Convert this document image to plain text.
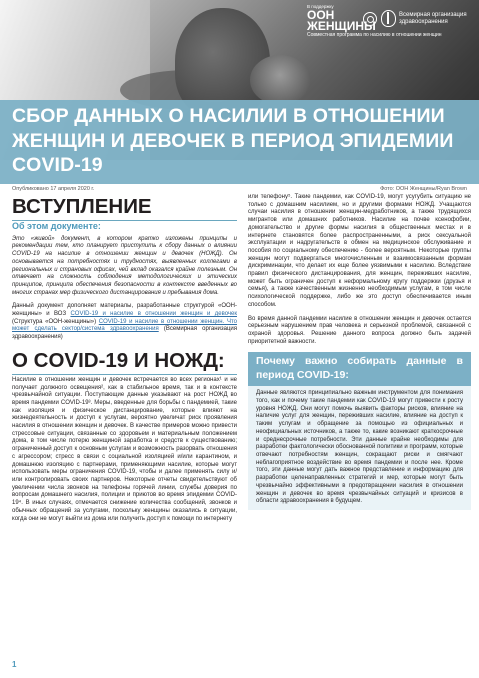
В поддержку
ООН
ЖЕНЩИНЫ
Всемирная организация здравоохранения
Совместная программа по насилию в отношении женщин
СБОР ДАННЫХ О НАСИЛИИ В ОТНОШЕНИИ ЖЕНЩИН И ДЕВОЧЕК В ПЕРИОД ЭПИДЕМИИ COVID-19
Опубликовано 17 апреля 2020 г.	Фото: ООН Женщины/Ryan Brown
ВСТУПЛЕНИЕ
Об этом документе:

Это «живой» документ, в котором кратко изложены принципы и рекомендации тем, кто планирует приступить к сбору данных о влиянии COVID-19 на насилие в отношении женщин и девочек (НОЖД). Он основывается на потребностях и трудностях, выявленных коллегами в региональных и страновых офисах, чей вклад оказался крайне полезным. Он отвечает на сложность соблюдения методологических и этических принципов, принципа обеспечения безопасности в контексте введенных во многих странах мер физического дистанцирования и пребывания дома.

Данный документ дополняет материалы, разработанные структурой «ООН-женщины» и ВОЗ COVID-19 и насилие в отношении женщин и девочек (Структура «ООН-женщины») COVID-19 и насилие в отношении женщин. Что может сделать сектор/система здравоохранения (Всемирная организация здравоохранения)

О COVID-19 И НОЖД:

Насилие в отношении женщин и девочек встречается во всех регионах¹ и не получает должного освещения², как в стабильное время, так и в контексте чрезвычайной ситуации. Поступающие данные указывают на рост НОЖД во время пандемии COVID-19³. Меры, введенные для борьбы с пандемией, такие как изоляция и физическое дистанцирование, которые влияют на жизнедеятельность и доступ к услугам, вероятно увеличат риск проявления насилия в отношении женщин и девочек. В качестве примеров можно привести стрессовые ситуации, связанные со здоровьем и материальным положением дома, в том числе потерю женщиной заработка и средств к существованию; ограниченный доступ к основным услугам и возможность разорвать отношения с агрессором; стресс в связи с социальной изоляцией и/или карантином, и домашнюю изоляцию с партнерами, применяющими насилие, которые могут использовать меры ограничения COVID-19, чтобы и далее применять силу и/или контролировать своих партнеров. Некоторые отчеты свидетельствуют об увеличении числа звонков на телефоны горячей линии, службы доверия по вопросам домашнего насилия, полиции и приютов во время эпидемии COVID-19⁴. В иных случаях, отмечается снижение количества сообщений, звонков и обычных обращений за услугами, поскольку женщины оказались в ситуации, когда они не могут выйти из дома или получить доступ к помощи по интернету

или телефону⁵. Такие пандемии, как COVID-19, могут усугубить ситуацию не только с домашним насилием, но и другими формами НОЖД. Учащаются случаи насилия в отношении женщин-медработников, а также трудящихся мигрантов или домашних работников. Насилие на почве ксенофобии, домогательство и другие формы насилия в общественных местах и в интернете становятся более распространенными, а риск сексуальной эксплуатации и надругательств в обмен на медицинское обслуживание и пособия по социальному обеспечению - более вероятным. Некоторые группы женщин могут подвергаться многочисленным и взаимосвязанным формам дискриминации, что делает их еще более уязвимыми к насилию. Вследствие правил физического дистанцирования, для женщин, переживших насилие, может быть ограничен доступ к неформальному кругу поддержки (друзья и семья), а также качественным жизненно необходимым услугам, в том числе психологической поддержке, либо же это доступ обеспечивается иным способом.

Во время данной пандемии насилие в отношении женщин и девочек остается серьезным нарушением прав человека и серьезной проблемой, связанной с охраной здоровья. Решение данного вопроса должно быть задачей приоритетной важности.

Почему важно собирать данные в период COVID-19:
Данные являются принципиально важным инструментом для понимания того, как и почему такие пандемии как COVID-19 могут привести к росту уровня НОЖД. Они могут помочь выявить факторы рисков, влияние на наличие услуг для женщин, переживших насилие, влияние на доступ к таким услугам и обращение за помощью из официальных и неофициальных источников, а также то, какие возникают краткосрочные и среднесрочные потребности. Эти данные крайне необходимы для разработки фактологически обоснованной политики и программ, которые отвечают потребностям женщин, сокращают риски и смягчают неблагоприятное воздействие во время пандемии и после нее. Кроме того, эти данные могут дать важное представление и информацию для разработки целенаправленных стратегий и мер, которые могут быть чрезвычайно эффективными в предотвращении насилия в отношении женщин и девочек во время чрезвычайных ситуаций и кризисов в области здравоохранения в будущем.
1
